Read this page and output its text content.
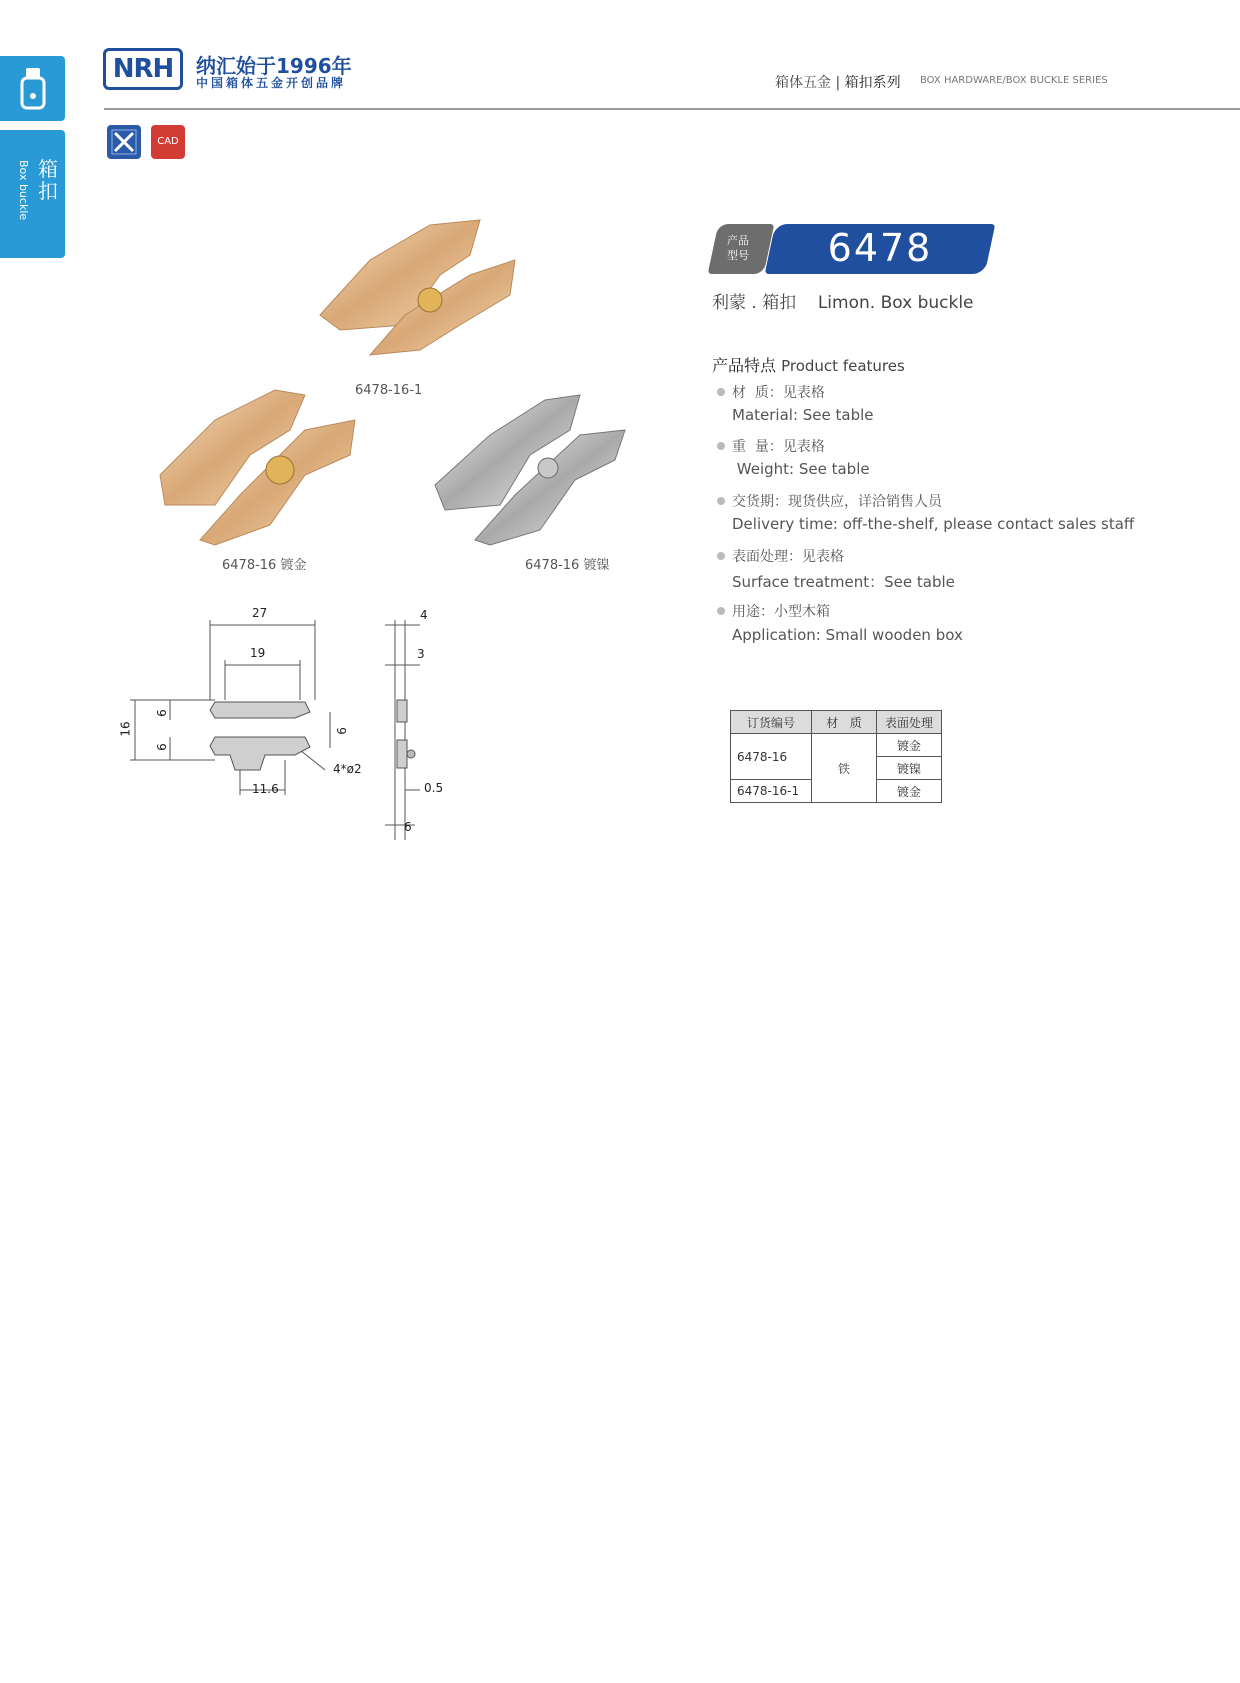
箱扣
Box buckle
NRH	纳汇始于1996年
中国箱体五金开创品牌	箱体五金 | 箱扣系列 BOX HARDWARE/BOX BUCKLE SERIES
CAD
6478-16-1
6478-16 镀金	6478-16 镀镍
27
19
16
6
6
9
4*ø2
11.6
4
3
0.5
6
产品型号	6478
利蒙 . 箱扣    Limon. Box buckle
产品特点 Product features
材  质：见表格
Material: See table
重  量：见表格
Weight: See table
交货期：现货供应，详洽销售人员
Delivery time: off-the-shelf, please contact sales staff
表面处理：见表格
Surface treatment：See table
用途：小型木箱
Application: Small wooden box
订货编号	材   质	表面处理
6478-16	铁	镀金
		镀镍
6478-16-1		镀金
